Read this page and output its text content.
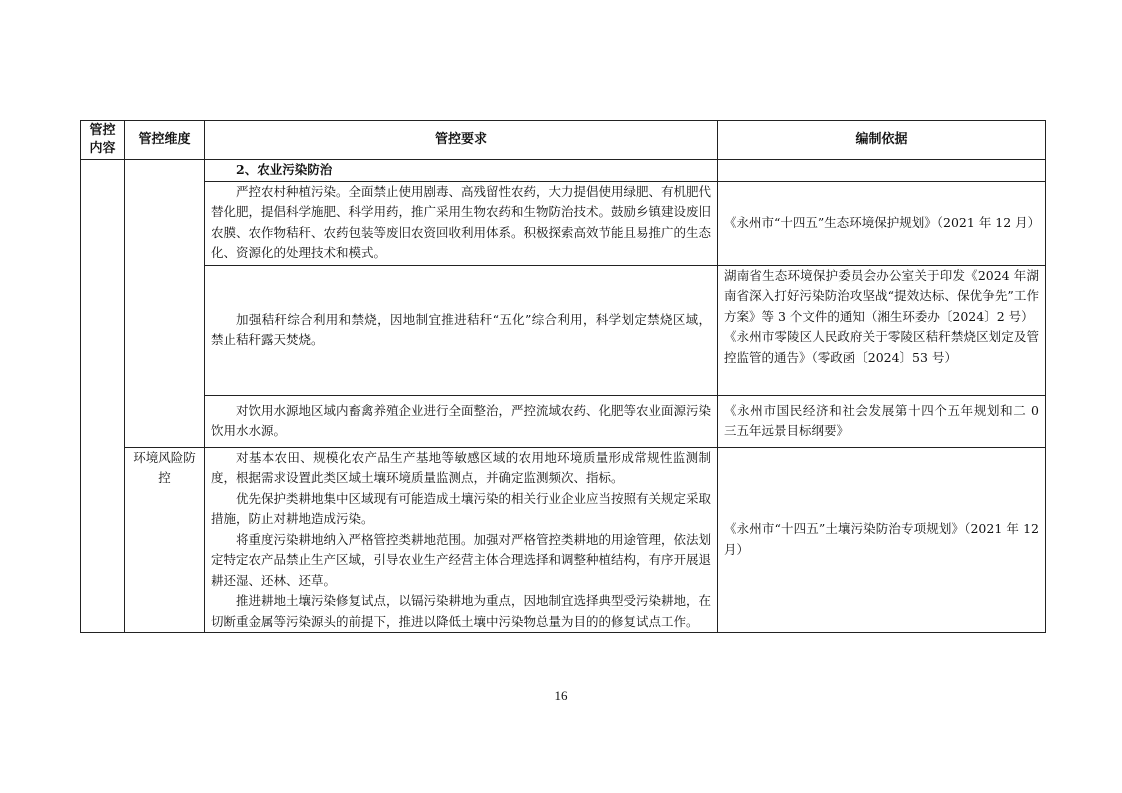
管控内容	管控维度	管控要求	编制依据

		2、农业污染防治	

		严控农村种植污染。全面禁止使用剧毒、高残留性农药，大力提倡使用绿肥、有机肥代替化肥，提倡科学施肥、科学用药，推广采用生物农药和生物防治技术。鼓励乡镇建设废旧农膜、农作物秸秆、农药包装等废旧农资回收利用体系。积极探索高效节能且易推广的生态化、资源化的处理技术和模式。	《永州市“十四五”生态环境保护规划》（2021 年 12 月）

		加强秸秆综合利用和禁烧，因地制宜推进秸秆“五化”综合利用，科学划定禁烧区域，禁止秸秆露天焚烧。	湖南省生态环境保护委员会办公室关于印发《2024 年湖南省深入打好污染防治攻坚战“提效达标、保优争先”工作方案》等 3 个文件的通知（湘生环委办〔2024〕2 号）

《永州市零陵区人民政府关于零陵区秸秆禁烧区划定及管控监管的通告》（零政函〔2024〕53 号）

		对饮用水源地区域内畜禽养殖企业进行全面整治，严控流域农药、化肥等农业面源污染饮用水水源。	《永州市国民经济和社会发展第十四个五年规划和二 0 三五年远景目标纲要》

	环境风险防控	对基本农田、规模化农产品生产基地等敏感区域的农用地环境质量形成常规性监测制度，根据需求设置此类区域土壤环境质量监测点，并确定监测频次、指标。

优先保护类耕地集中区域现有可能造成土壤污染的相关行业企业应当按照有关规定采取措施，防止对耕地造成污染。

将重度污染耕地纳入严格管控类耕地范围。加强对严格管控类耕地的用途管理，依法划定特定农产品禁止生产区域，引导农业生产经营主体合理选择和调整种植结构，有序开展退耕还湿、还林、还草。

推进耕地土壤污染修复试点，以镉污染耕地为重点，因地制宜选择典型受污染耕地，在切断重金属等污染源头的前提下，推进以降低土壤中污染物总量为目的的修复试点工作。	《永州市“十四五”土壤污染防治专项规划》（2021 年 12 月）

16
